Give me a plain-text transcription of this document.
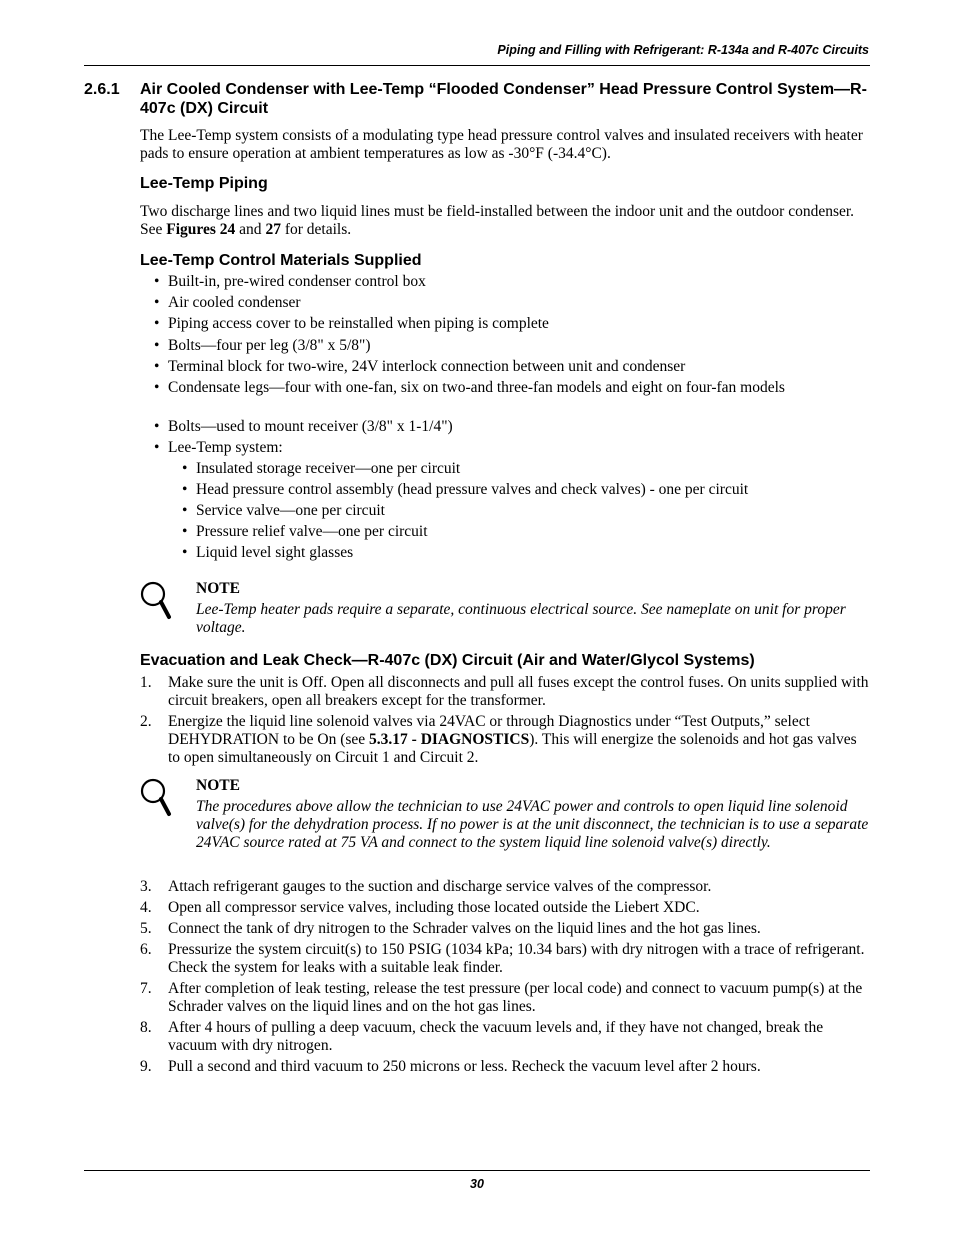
Piping and Filling with Refrigerant: R-134a and R-407c Circuits
2.6.1 Air Cooled Condenser with Lee-Temp “Flooded Condenser” Head Pressure Control System—R-407c (DX) Circuit
The Lee-Temp system consists of a modulating type head pressure control valves and insulated receivers with heater pads to ensure operation at ambient temperatures as low as -30°F (-34.4°C).
Lee-Temp Piping
Two discharge lines and two liquid lines must be field-installed between the indoor unit and the outdoor condenser. See Figures 24 and 27 for details.
Lee-Temp Control Materials Supplied
• Built-in, pre-wired condenser control box
• Air cooled condenser
• Piping access cover to be reinstalled when piping is complete
• Bolts—four per leg (3/8" x 5/8")
• Terminal block for two-wire, 24V interlock connection between unit and condenser
• Condensate legs—four with one-fan, six on two-and three-fan models and eight on four-fan models
• Bolts—used to mount receiver (3/8" x 1-1/4")
• Lee-Temp system:
• Insulated storage receiver—one per circuit
• Head pressure control assembly (head pressure valves and check valves) - one per circuit
• Service valve—one per circuit
• Pressure relief valve—one per circuit
• Liquid level sight glasses
NOTE
Lee-Temp heater pads require a separate, continuous electrical source. See nameplate on unit for proper voltage.
Evacuation and Leak Check—R-407c (DX) Circuit (Air and Water/Glycol Systems)
1. Make sure the unit is Off. Open all disconnects and pull all fuses except the control fuses. On units supplied with circuit breakers, open all breakers except for the transformer.
2. Energize the liquid line solenoid valves via 24VAC or through Diagnostics under “Test Outputs,” select DEHYDRATION to be On (see 5.3.17 - DIAGNOSTICS). This will energize the solenoids and hot gas valves to open simultaneously on Circuit 1 and Circuit 2.
NOTE
The procedures above allow the technician to use 24VAC power and controls to open liquid line solenoid valve(s) for the dehydration process. If no power is at the unit disconnect, the technician is to use a separate 24VAC source rated at 75 VA and connect to the system liquid line solenoid valve(s) directly.
3. Attach refrigerant gauges to the suction and discharge service valves of the compressor.
4. Open all compressor service valves, including those located outside the Liebert XDC.
5. Connect the tank of dry nitrogen to the Schrader valves on the liquid lines and the hot gas lines.
6. Pressurize the system circuit(s) to 150 PSIG (1034 kPa; 10.34 bars) with dry nitrogen with a trace of refrigerant. Check the system for leaks with a suitable leak finder.
7. After completion of leak testing, release the test pressure (per local code) and connect to vacuum pump(s) at the Schrader valves on the liquid lines and on the hot gas lines.
8. After 4 hours of pulling a deep vacuum, check the vacuum levels and, if they have not changed, break the vacuum with dry nitrogen.
9. Pull a second and third vacuum to 250 microns or less. Recheck the vacuum level after 2 hours.
30
